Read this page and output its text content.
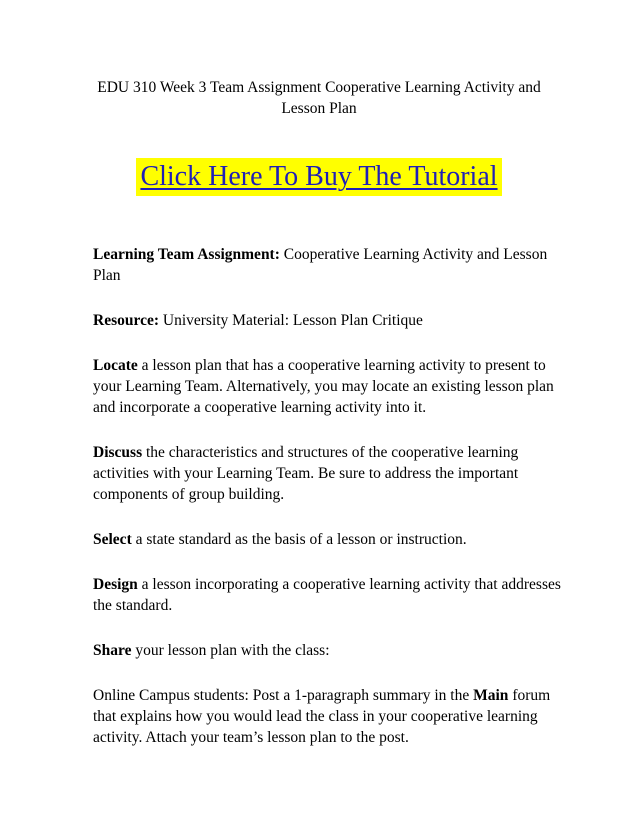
EDU 310 Week 3 Team Assignment Cooperative Learning Activity and
Lesson Plan
Click Here To Buy The Tutorial

Learning Team Assignment: Cooperative Learning Activity and Lesson Plan

Resource: University Material: Lesson Plan Critique

Locate a lesson plan that has a cooperative learning activity to present to your Learning Team. Alternatively, you may locate an existing lesson plan and incorporate a cooperative learning activity into it.

Discuss the characteristics and structures of the cooperative learning activities with your Learning Team. Be sure to address the important components of group building.

Select a state standard as the basis of a lesson or instruction.

Design a lesson incorporating a cooperative learning activity that addresses the standard.

Share your lesson plan with the class:

Online Campus students: Post a 1-paragraph summary in the Main forum that explains how you would lead the class in your cooperative learning activity. Attach your team’s lesson plan to the post.
